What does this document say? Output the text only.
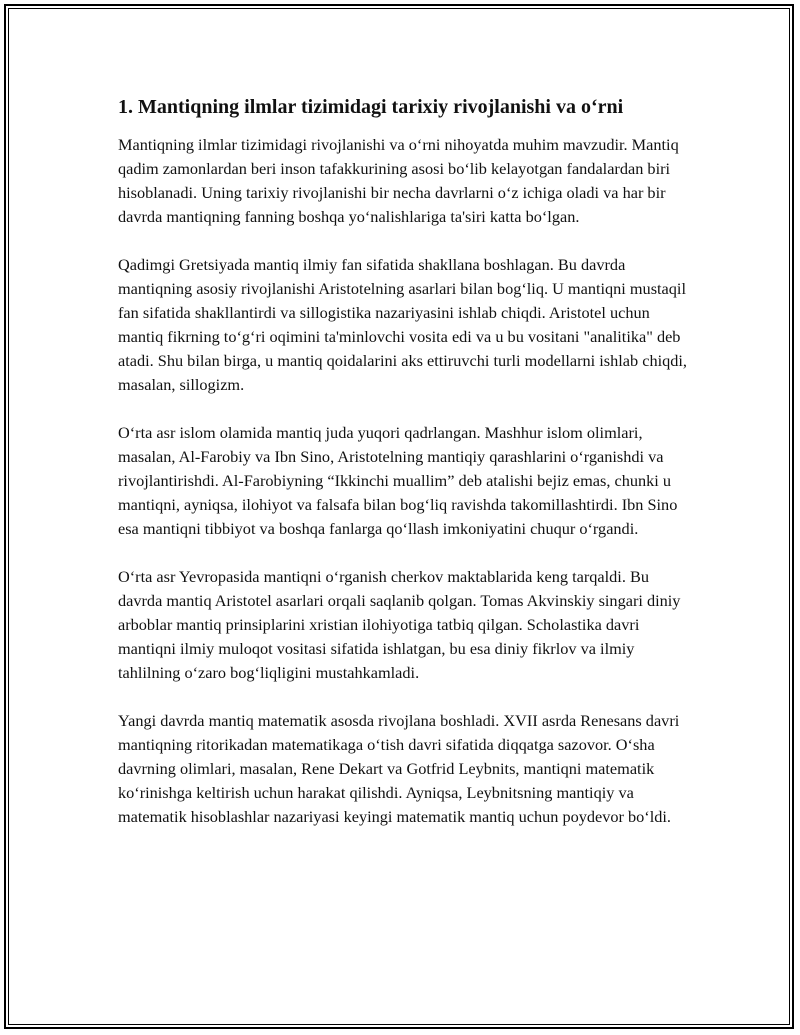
1. Mantiqning ilmlar tizimidagi tarixiy rivojlanishi va o‘rni

Mantiqning ilmlar tizimidagi rivojlanishi va o‘rni nihoyatda muhim mavzudir. Mantiq qadim zamonlardan beri inson tafakkurining asosi bo‘lib kelayotgan fandalardan biri hisoblanadi. Uning tarixiy rivojlanishi bir necha davrlarni o‘z ichiga oladi va har bir davrda mantiqning fanning boshqa yo‘nalishlariga ta'siri katta bo‘lgan.

Qadimgi Gretsiyada mantiq ilmiy fan sifatida shakllana boshlagan. Bu davrda mantiqning asosiy rivojlanishi Aristotelning asarlari bilan bog‘liq. U mantiqni mustaqil fan sifatida shakllantirdi va sillogistika nazariyasini ishlab chiqdi. Aristotel uchun mantiq fikrning to‘g‘ri oqimini ta'minlovchi vosita edi va u bu vositani "analitika" deb atadi. Shu bilan birga, u mantiq qoidalarini aks ettiruvchi turli modellarni ishlab chiqdi, masalan, sillogizm.

O‘rta asr islom olamida mantiq juda yuqori qadrlangan. Mashhur islom olimlari, masalan, Al-Farobiy va Ibn Sino, Aristotelning mantiqiy qarashlarini o‘rganishdi va rivojlantirishdi. Al-Farobiyning “Ikkinchi muallim” deb atalishi bejiz emas, chunki u mantiqni, ayniqsa, ilohiyot va falsafa bilan bog‘liq ravishda takomillashtirdi. Ibn Sino esa mantiqni tibbiyot va boshqa fanlarga qo‘llash imkoniyatini chuqur o‘rgandi.

O‘rta asr Yevropasida mantiqni o‘rganish cherkov maktablarida keng tarqaldi. Bu davrda mantiq Aristotel asarlari orqali saqlanib qolgan. Tomas Akvinskiy singari diniy arboblar mantiq prinsiplarini xristian ilohiyotiga tatbiq qilgan. Scholastika davri mantiqni ilmiy muloqot vositasi sifatida ishlatgan, bu esa diniy fikrlov va ilmiy tahlilning o‘zaro bog‘liqligini mustahkamladi.

Yangi davrda mantiq matematik asosda rivojlana boshladi. XVII asrda Renesans davri mantiqning ritorikadan matematikaga o‘tish davri sifatida diqqatga sazovor. O‘sha davrning olimlari, masalan, Rene Dekart va Gotfrid Leybnits, mantiqni matematik ko‘rinishga keltirish uchun harakat qilishdi. Ayniqsa, Leybnitsning mantiqiy va matematik hisoblashlar nazariyasi keyingi matematik mantiq uchun poydevor bo‘ldi.
